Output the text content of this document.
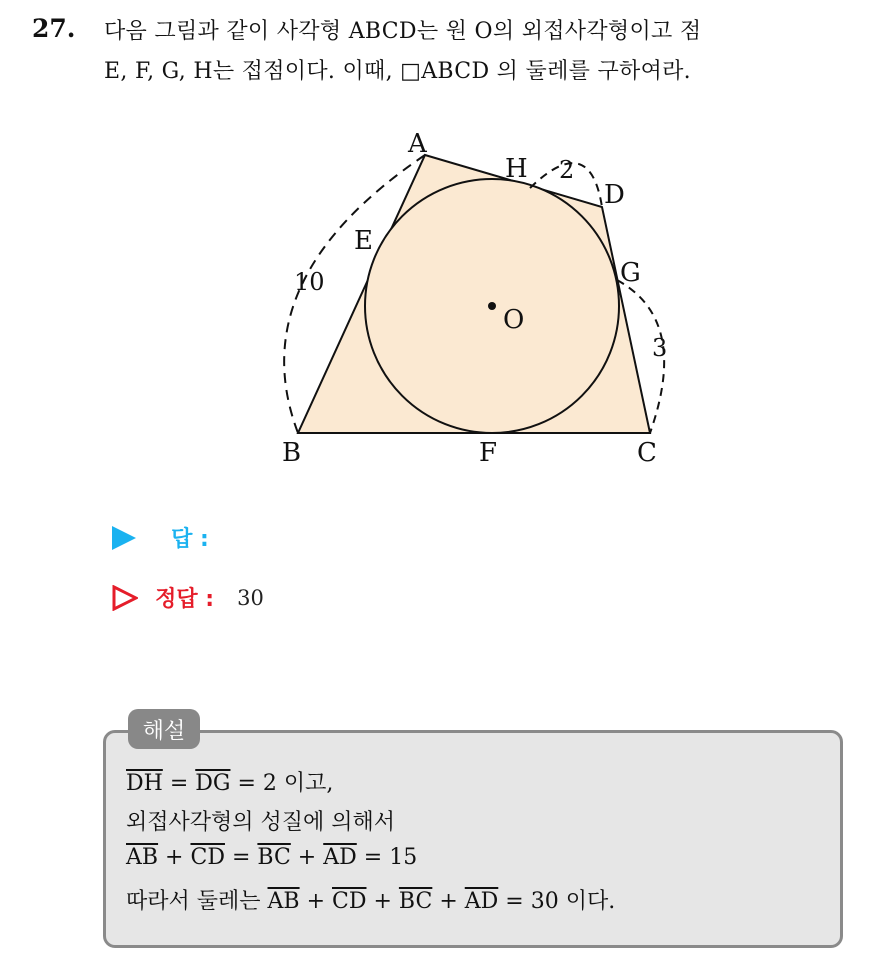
27. 다음 그림과 같이 사각형 ABCD는 원 O의 외접사각형이고 점
E, F, G, H는 접점이다. 이때, □ABCD 의 둘레를 구하여라.
A
B	C
D
E
F
G
H
O
10
2
3
답 :
정답 : 30
해설
$\overline{DH} = \overline{DG} = 2$ 이고,
외접사각형의 성질에 의해서
$\overline{AB} + \overline{CD} = \overline{BC} + \overline{AD} = 15$
따라서 둘레는 $\overline{AB} + \overline{CD} + \overline{BC} + \overline{AD} = 30$ 이다.
